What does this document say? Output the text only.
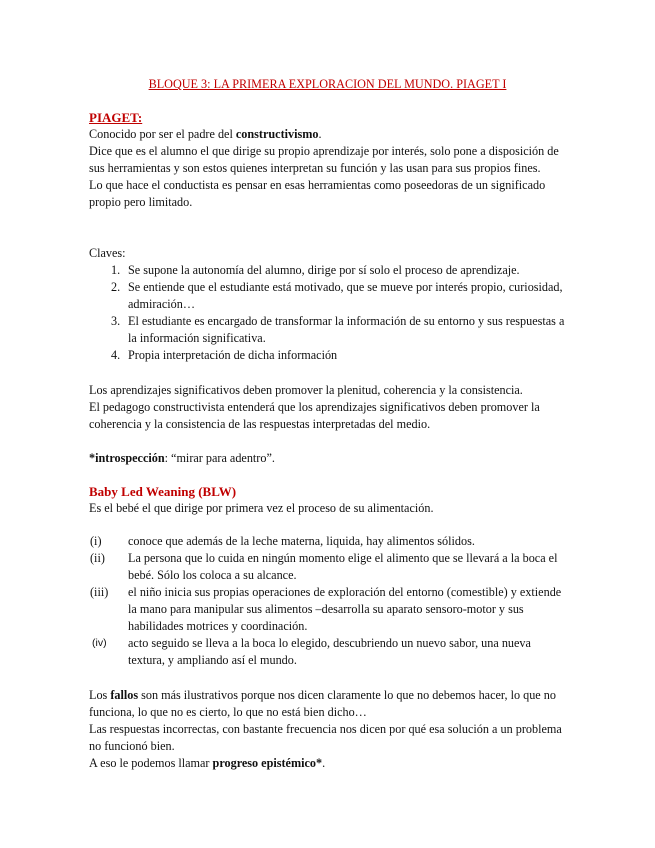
BLOQUE 3: LA PRIMERA EXPLORACION DEL MUNDO. PIAGET I

PIAGET:

Conocido por ser el padre del constructivismo.

Dice que es el alumno el que dirige su propio aprendizaje por interés, solo pone a disposición de sus herramientas y son estos quienes interpretan su función y las usan para sus propios fines.

Lo que hace el conductista es pensar en esas herramientas como poseedoras de un significado propio pero limitado.

Claves:

1. Se supone la autonomía del alumno, dirige por sí solo el proceso de aprendizaje.
2. Se entiende que el estudiante está motivado, que se mueve por interés propio, curiosidad, admiración…
3. El estudiante es encargado de transformar la información de su entorno y sus respuestas a la información significativa.
4. Propia interpretación de dicha información

Los aprendizajes significativos deben promover la plenitud, coherencia y la consistencia.

El pedagogo constructivista entenderá que los aprendizajes significativos deben promover la coherencia y la consistencia de las respuestas interpretadas del medio.

*introspección: “mirar para adentro”.

Baby Led Weaning (BLW)

Es el bebé el que dirige por primera vez el proceso de su alimentación.

(i) conoce que además de la leche materna, liquida, hay alimentos sólidos.
(ii) La persona que lo cuida en ningún momento elige el alimento que se llevará a la boca el bebé. Sólo los coloca a su alcance.
(iii) el niño inicia sus propias operaciones de exploración del entorno (comestible) y extiende la mano para manipular sus alimentos –desarrolla su aparato sensoro-motor y sus habilidades motrices y coordinación.
(iv) acto seguido se lleva a la boca lo elegido, descubriendo un nuevo sabor, una nueva textura, y ampliando así el mundo.

Los fallos son más ilustrativos porque nos dicen claramente lo que no debemos hacer, lo que no funciona, lo que no es cierto, lo que no está bien dicho…

Las respuestas incorrectas, con bastante frecuencia nos dicen por qué esa solución a un problema no funcionó bien.

A eso le podemos llamar progreso epistémico*.
